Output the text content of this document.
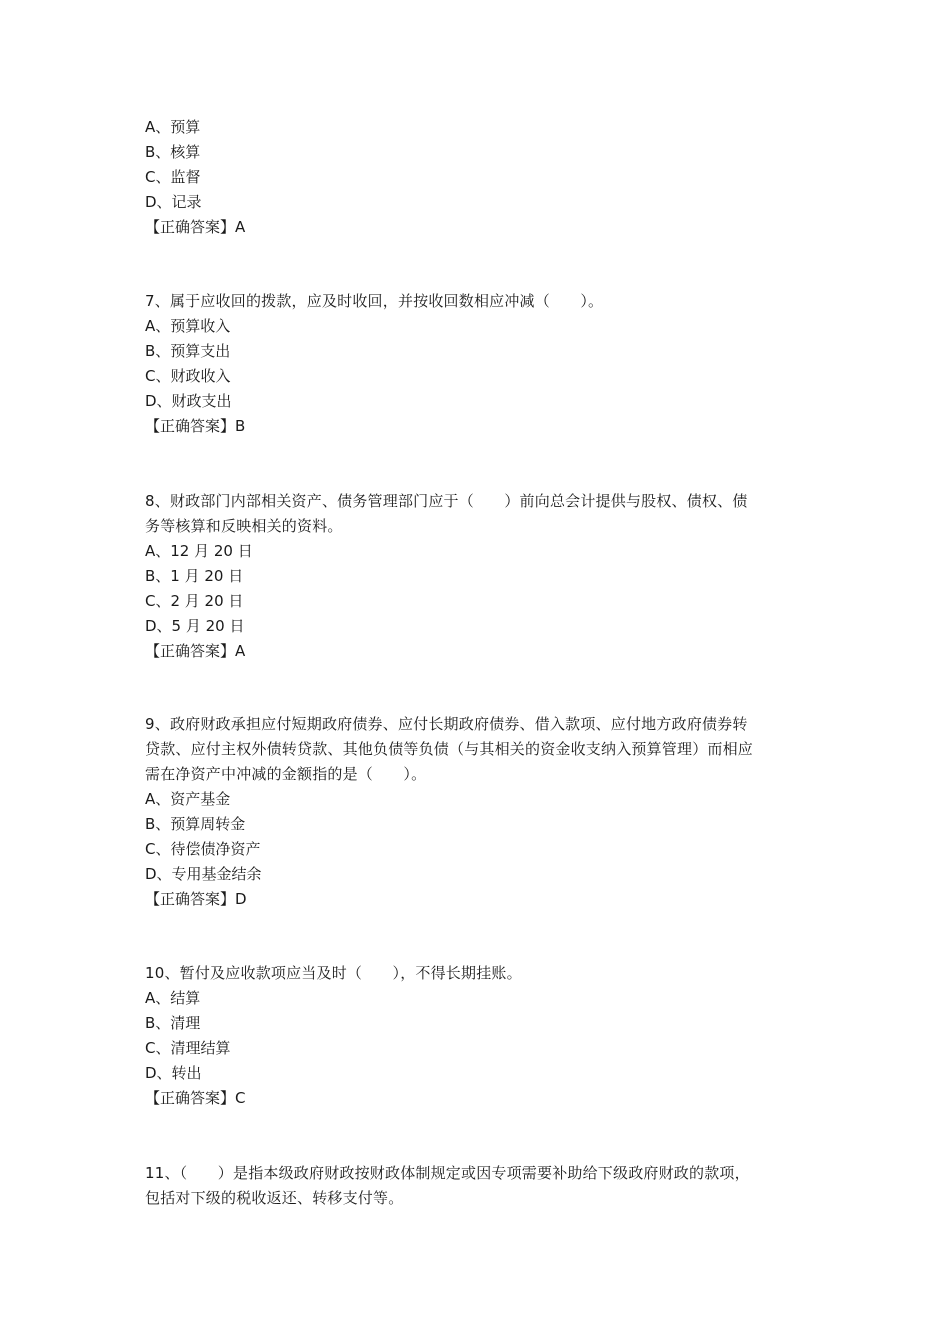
A、预算
B、核算
C、监督
D、记录
【正确答案】A
7、属于应收回的拨款，应及时收回，并按收回数相应冲减（　　）。
A、预算收入
B、预算支出
C、财政收入
D、财政支出
【正确答案】B
8、财政部门内部相关资产、债务管理部门应于（　　）前向总会计提供与股权、债权、债
务等核算和反映相关的资料。
A、12 月 20 日
B、1 月 20 日
C、2 月 20 日
D、5 月 20 日
【正确答案】A
9、政府财政承担应付短期政府债券、应付长期政府债券、借入款项、应付地方政府债券转
贷款、应付主权外债转贷款、其他负债等负债（与其相关的资金收支纳入预算管理）而相应
需在净资产中冲减的金额指的是（　　）。
A、资产基金
B、预算周转金
C、待偿债净资产
D、专用基金结余
【正确答案】D
10、暂付及应收款项应当及时（　　），不得长期挂账。
A、结算
B、清理
C、清理结算
D、转出
【正确答案】C
11、（　　）是指本级政府财政按财政体制规定或因专项需要补助给下级政府财政的款项，
包括对下级的税收返还、转移支付等。
